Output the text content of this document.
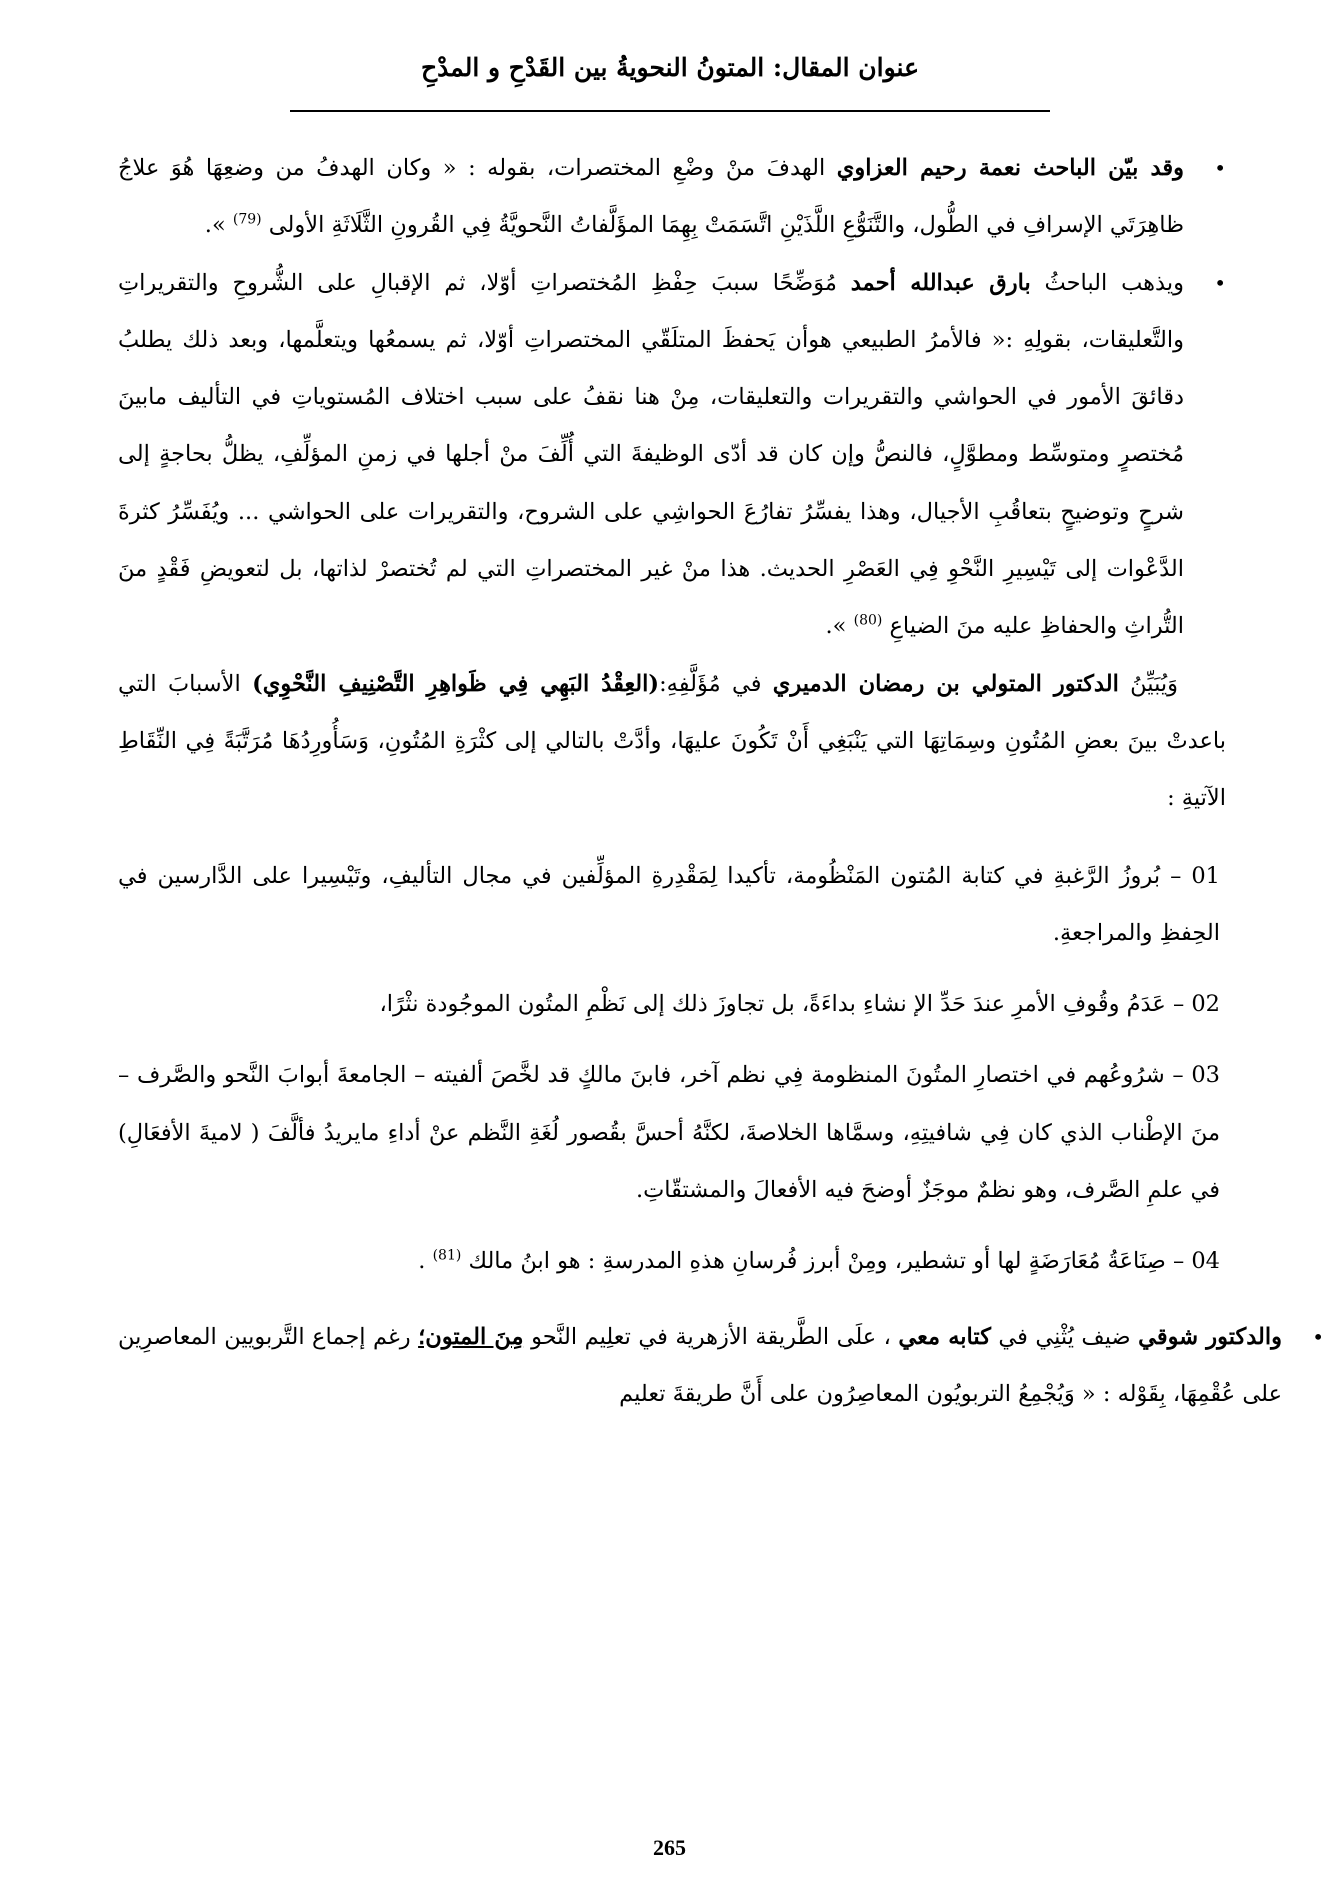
عنوان المقال: المتونُ النحويةُ بين القَدْحِ و المدْحِ

•
وقد بيّن الباحث نعمة رحيم العزاوي الهدفَ منْ وضْعِ المختصرات، بقوله : « وكان الهدفُ من وضعِهَا هُوَ علاجُ ظاهِرَتَي الإسرافِ في الطُّول، والتَّنَوُّعِ اللَّذَيْنِ اتَّسَمَتْ بِهِمَا المؤَلَّفاتُ النَّحويَّةُ فِي القُرونِ الثَّلَاثَةِ الأولى $^{(79)}$ ».

•
ويذهب الباحثُ بارق عبدالله أحمد مُوَضِّحًا سببَ حِفْظِ المُختصراتِ أوّلا، ثم الإقبالِ على الشُّروحِ والتقريراتِ والتَّعليقات، بقولِهِ :« فالأمرُ الطبيعي هوأن يَحفظَ المتلَقّي المختصراتِ أوّلا، ثم يسمعُها ويتعلَّمها، وبعد ذلك يطلبُ دقائقَ الأمور في الحواشي والتقريرات والتعليقات، مِنْ هنا نقفُ على سبب اختلاف المُستوياتِ في التأليف مابينَ مُختصرٍ ومتوسِّط ومطوَّلٍ، فالنصُّ وإن كان قد أدّى الوظيفةَ التي أُلِّفَ منْ أجلها في زمنِ المؤلِّفِ، يظلُّ بحاجةٍ إلى شرحٍ وتوضيحٍ بتعاقُبِ الأجيال، وهذا يفسِّرُ تفارُعَ الحواشِي على الشروح، والتقريرات على الحواشي ... ويُفَسِّرُ كثرةَ الدَّعْوات إلى تَيْسِيرِ النَّحْوِ فِي العَصْرِ الحديث. هذا منْ غير المختصراتِ التي لم تُختصرْ لذاتها، بل لتعويضِ فَقْدٍ منَ التُّراثِ والحفاظِ عليه منَ الضياعِ $^{(80)}$ ».

وَيُبَيِّنُ الدكتور المتولي بن رمضان الدميري في مُؤَلَّفِهِ:(العِقْدُ البَهِي فِي ظَواهِرِ التَّصْنِيفِ النَّحْوِي) الأسبابَ التي باعدتْ بينَ بعضِ المُتُونِ وسِمَاتِهَا التي يَنْبَغِي أَنْ تَكُونَ عليهَا، وأدَّتْ بالتالي إلى كثْرَةِ المُتُونِ، وَسَأُورِدُهَا مُرَتَّبَةً فِي النِّقَاطِ الآتيةِ :

01 – بُروزُ الرَّغبةِ في كتابة المُتون المَنْظُومة، تأكيدا لِمَقْدِرةِ المؤلِّفين في مجال التأليفِ، وتَيْسِيرا على الدَّارسين في الحِفظِ والمراجعةِ.

02 – عَدَمُ وقُوفِ الأمرِ عندَ حَدِّ الإ نشاءِ بداءَةً، بل تجاوزَ ذلك إلى نَظْمِ المتُون الموجُودة نثْرًا،

03 – شرُوعُهم في اختصارِ المتُونَ المنظومة فِي نظم آخر، فابنَ مالكٍ قد لخَّصَ ألفيته – الجامعةَ أبوابَ النَّحو والصَّرف – منَ الإطْناب الذي كان فِي شافيتِهِ، وسمَّاها الخلاصةَ، لكنَّهُ أحسَّ بقُصور لُغَةِ النَّظم عنْ أداءِ مايريدُ فألَّفَ ( لاميةَ الأفعَالِ) في علمِ الصَّرف، وهو نظمٌ موجَزٌ أوضحَ فيه الأفعالَ والمشتقّاتِ.

04 – صِنَاعَةُ مُعَارَضَةٍ لها أو تشطير، ومِنْ أبرز فُرسانِ هذهِ المدرسةِ : هو ابنُ مالك $^{(81)}$ .

•
والدكتور شوقي ضيف يُثْنِي في كتابه معي ، علَى الطَّريقة الأزهرية في تعلِيم النَّحو مِنَ المتون؛ رغم إجماع التَّربويين المعاصرِين على عُقْمِهَا، بِقَوْله : « وَيُجْمِعُ التربويُون المعاصِرُون على أَنَّ طريقةَ تعليم

265
